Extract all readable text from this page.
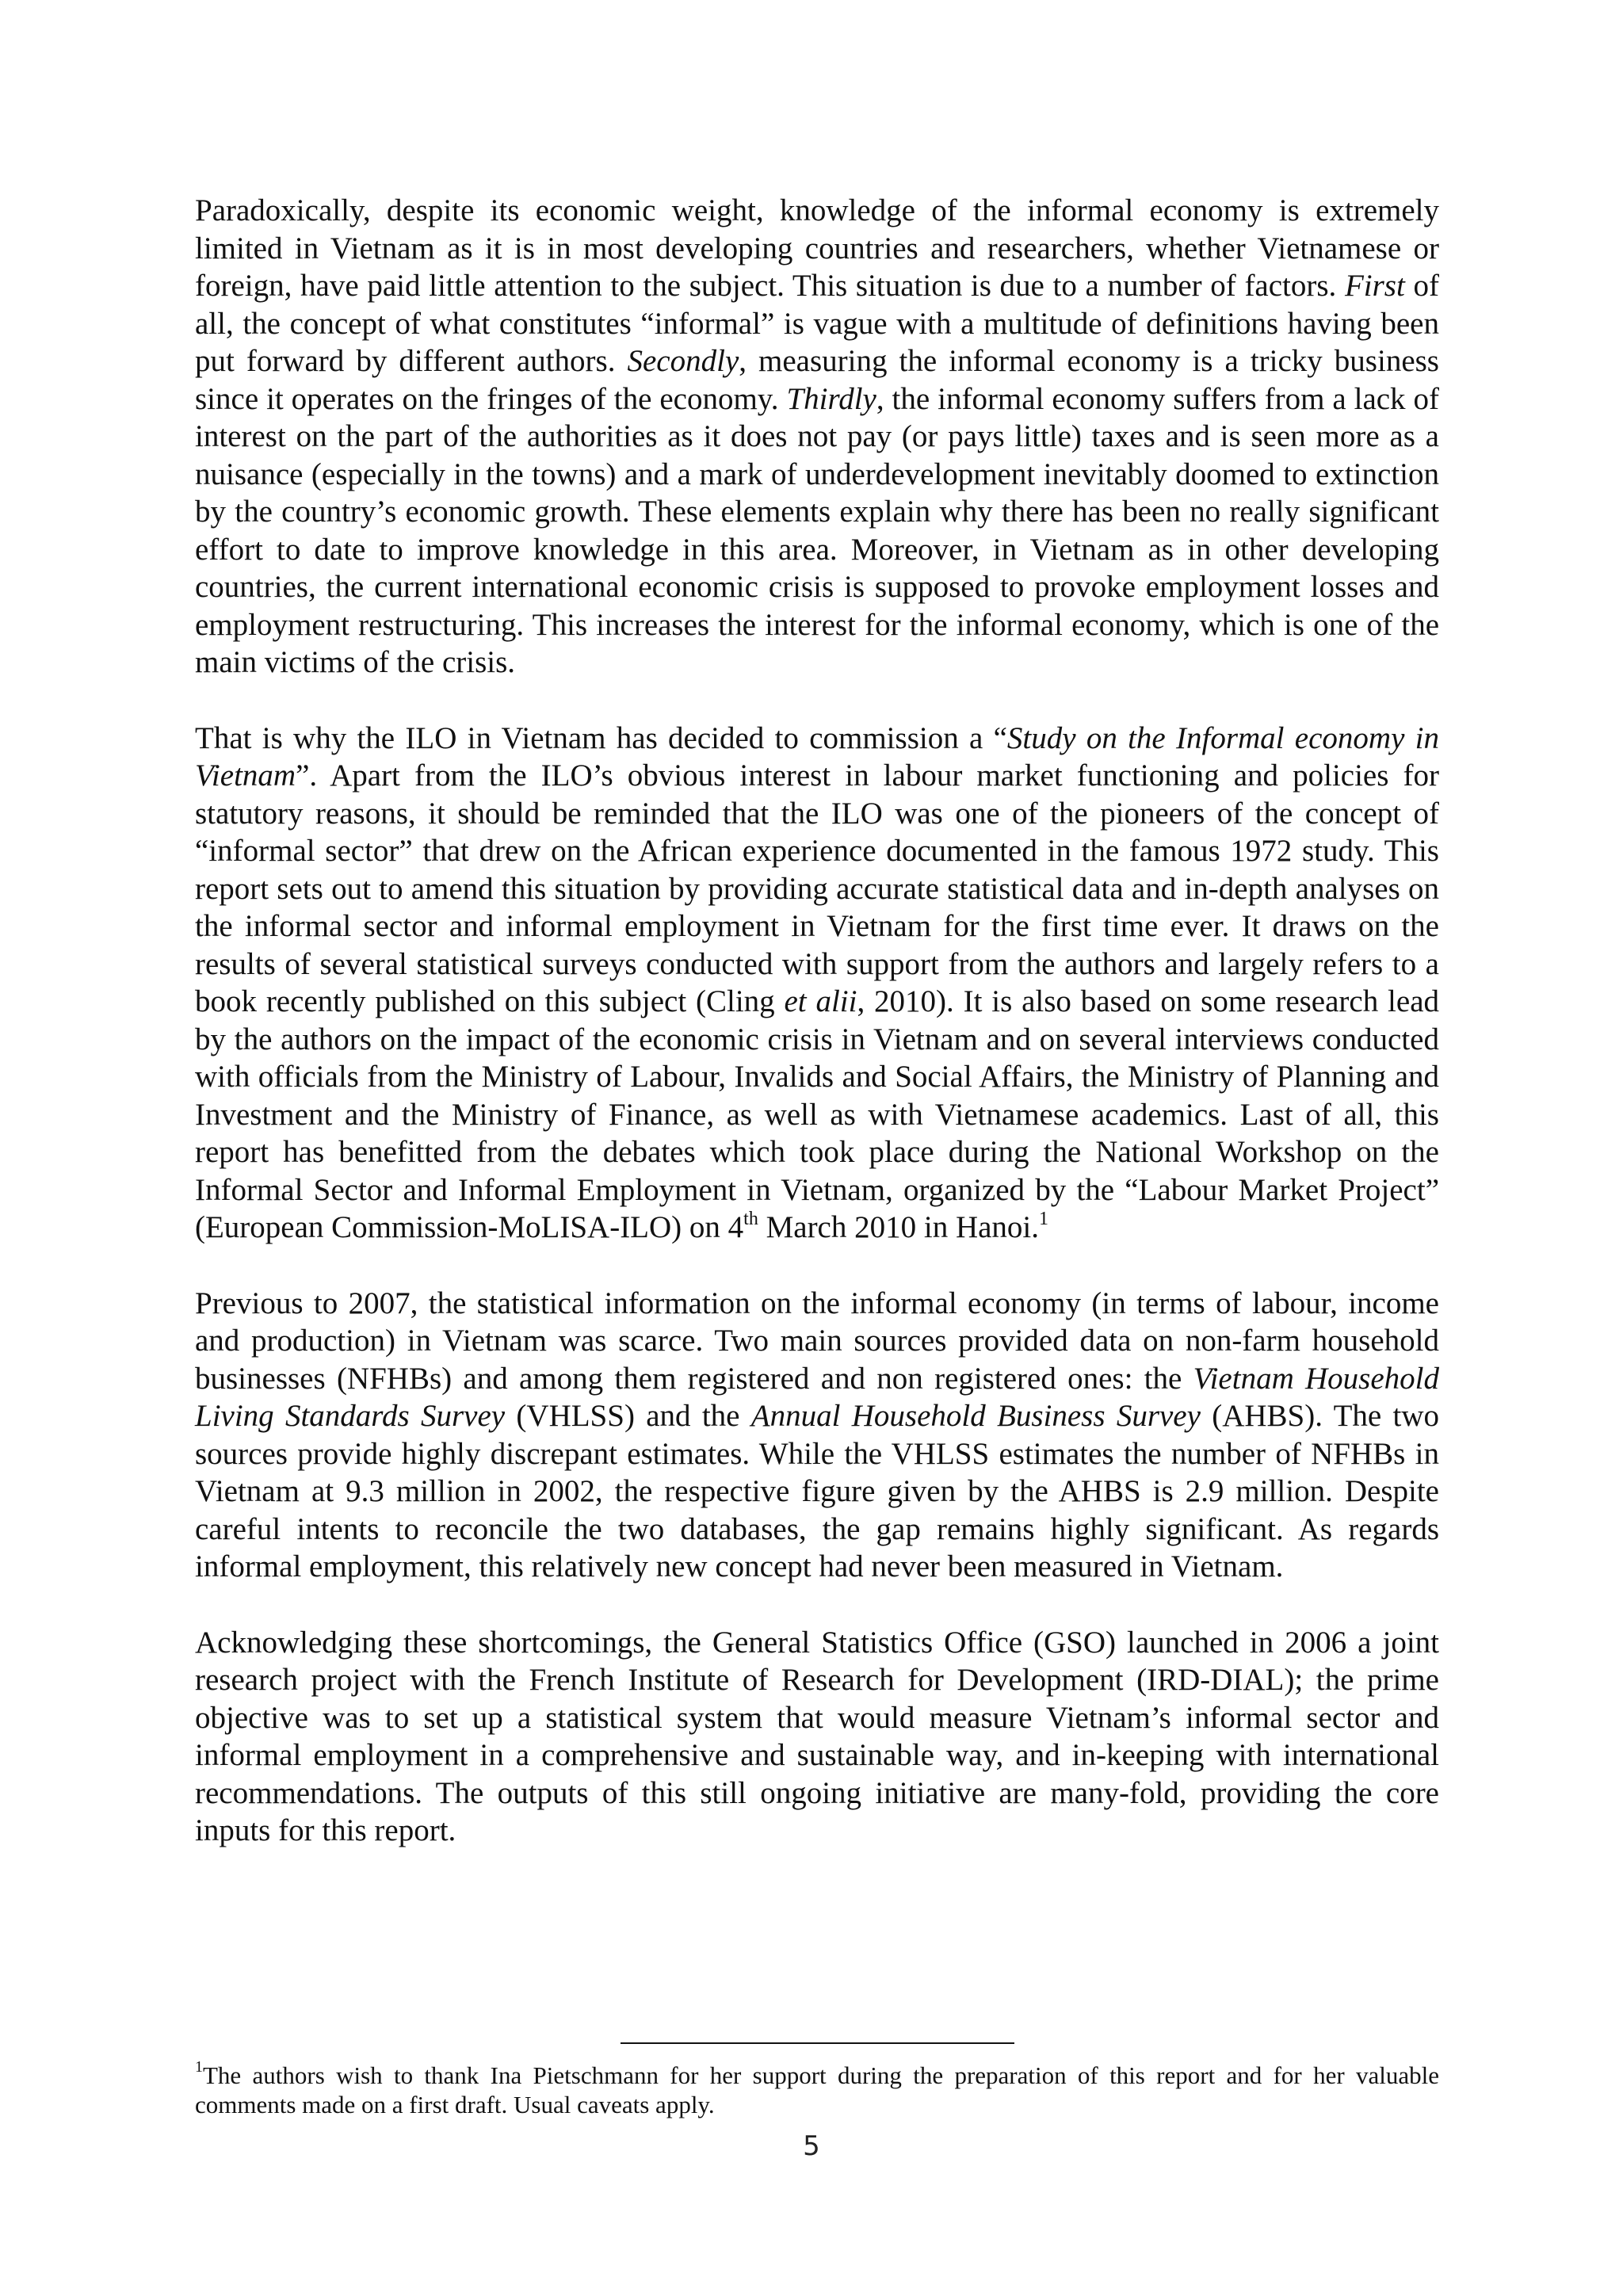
Paradoxically, despite its economic weight, knowledge of the informal economy is extremely limited in Vietnam as it is in most developing countries and researchers, whether Vietnamese or foreign, have paid little attention to the subject. This situation is due to a number of factors. First of all, the concept of what constitutes “informal” is vague with a multitude of definitions having been put forward by different authors. Secondly, measuring the informal economy is a tricky business since it operates on the fringes of the economy. Thirdly, the informal economy suffers from a lack of interest on the part of the authorities as it does not pay (or pays little) taxes and is seen more as a nuisance (especially in the towns) and a mark of underdevelopment inevitably doomed to extinction by the country’s economic growth. These elements explain why there has been no really significant effort to date to improve knowledge in this area. Moreover, in Vietnam as in other developing countries, the current international economic crisis is supposed to provoke employment losses and employment restructuring. This increases the interest for the informal economy, which is one of the main victims of the crisis.

That is why the ILO in Vietnam has decided to commission a “Study on the Informal economy in Vietnam”. Apart from the ILO’s obvious interest in labour market functioning and policies for statutory reasons, it should be reminded that the ILO was one of the pioneers of the concept of “informal sector” that drew on the African experience documented in the famous 1972 study. This report sets out to amend this situation by providing accurate statistical data and in-depth analyses on the informal sector and informal employment in Vietnam for the first time ever. It draws on the results of several statistical surveys conducted with support from the authors and largely refers to a book recently published on this subject (Cling et alii, 2010). It is also based on some research lead by the authors on the impact of the economic crisis in Vietnam and on several interviews conducted with officials from the Ministry of Labour, Invalids and Social Affairs, the Ministry of Planning and Investment and the Ministry of Finance, as well as with Vietnamese academics. Last of all, this report has benefitted from the debates which took place during the National Workshop on the Informal Sector and Informal Employment in Vietnam, organized by the “Labour Market Project” (European Commission-MoLISA-ILO) on 4th March 2010 in Hanoi.$^1$

Previous to 2007, the statistical information on the informal economy (in terms of labour, income and production) in Vietnam was scarce. Two main sources provided data on non-farm household businesses (NFHBs) and among them registered and non registered ones: the Vietnam Household Living Standards Survey (VHLSS) and the Annual Household Business Survey (AHBS). The two sources provide highly discrepant estimates. While the VHLSS estimates the number of NFHBs in Vietnam at 9.3 million in 2002, the respective figure given by the AHBS is 2.9 million. Despite careful intents to reconcile the two databases, the gap remains highly significant. As regards informal employment, this relatively new concept had never been measured in Vietnam.

Acknowledging these shortcomings, the General Statistics Office (GSO) launched in 2006 a joint research project with the French Institute of Research for Development (IRD-DIAL); the prime objective was to set up a statistical system that would measure Vietnam’s informal sector and informal employment in a comprehensive and sustainable way, and in-keeping with international recommendations. The outputs of this still ongoing initiative are many-fold, providing the core inputs for this report.

$^1$The authors wish to thank Ina Pietschmann for her support during the preparation of this report and for her valuable comments made on a first draft. Usual caveats apply.

5
